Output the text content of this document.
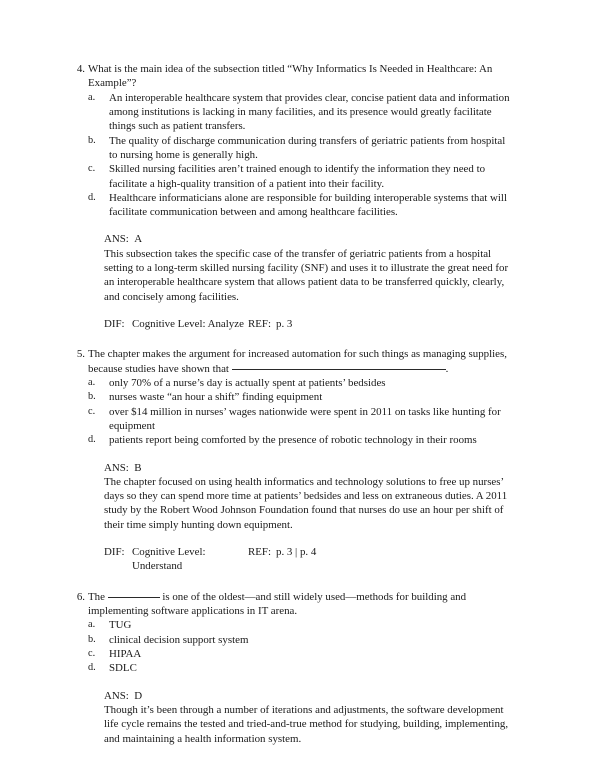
4. What is the main idea of the subsection titled “Why Informatics Is Needed in Healthcare: An Example”?

a.	An interoperable healthcare system that provides clear, concise patient data and information among institutions is lacking in many facilities, and its presence would greatly facilitate things such as patient transfers.
b.	The quality of discharge communication during transfers of geriatric patients from hospital to nursing home is generally high.
c.	Skilled nursing facilities aren’t trained enough to identify the information they need to facilitate a high-quality transition of a patient into their facility.
d.	Healthcare informaticians alone are responsible for building interoperable systems that will facilitate communication between and among healthcare facilities.
ANS: A

This subsection takes the specific case of the transfer of geriatric patients from a hospital setting to a long-term skilled nursing facility (SNF) and uses it to illustrate the great need for an interoperable healthcare system that allows patient data to be transferred quickly, clearly, and concisely among facilities.

DIF: Cognitive Level: Analyze REF: p. 3
5. The chapter makes the argument for increased automation for such things as managing supplies, because studies have shown that	.

a.	only 70% of a nurse’s day is actually spent at patients’ bedsides
b.	nurses waste “an hour a shift” finding equipment
c.	over $14 million in nurses’ wages nationwide were spent in 2011 on tasks like hunting for equipment
d.	patients report being comforted by the presence of robotic technology in their rooms
ANS: B

The chapter focused on using health informatics and technology solutions to free up nurses’ days so they can spend more time at patients’ bedsides and less on extraneous duties. A 2011 study by the Robert Wood Johnson Foundation found that nurses do use an hour per shift of their time simply hunting down equipment.

DIF: Cognitive Level: Understand
REF: p. 3 | p. 4
6. The	is one of the oldest—and still widely used—methods for building and implementing software applications in IT arena.

a.	TUG
b.	clinical decision support system
c.	HIPAA
d.	SDLC
ANS: D

Though it’s been through a number of iterations and adjustments, the software development life cycle remains the tested and tried-and-true method for studying, building, implementing, and maintaining a health information system.
